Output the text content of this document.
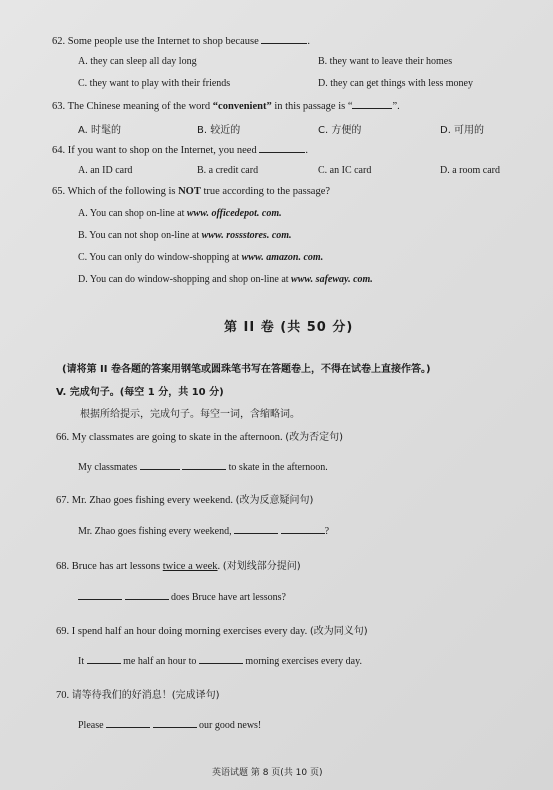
62. Some people use the Internet to shop because	.
A. they can sleep all day long	B. they want to leave their homes
C. they want to play with their friends	D. they can get things with less money
63. The Chinese meaning of the word “convenient” in this passage is “	”.
A. 时髦的	B. 较近的	C. 方便的	D. 可用的
64. If you want to shop on the Internet, you need	.
A. an ID card	B. a credit card	C. an IC card	D. a room card
65. Which of the following is NOT true according to the passage?
A. You can shop on-line at www. officedepot. com.
B. You can not shop on-line at www. rossstores. com.
C. You can only do window-shopping at www. amazon. com.
D. You can do window-shopping and shop on-line at www. safeway. com.
第 II 卷 (共 50 分)
(请将第 II 卷各题的答案用钢笔或圆珠笔书写在答题卷上，不得在试卷上直接作答。)
V. 完成句子。(每空 1 分，共 10 分)
根据所给提示，完成句子。每空一词，含缩略词。
66. My classmates are going to skate in the afternoon. (改为否定句)
My classmates	to skate in the afternoon.
67. Mr. Zhao goes fishing every weekend. (改为反意疑问句)
Mr. Zhao goes fishing every weekend,	?
68. Bruce has art lessons twice a week. (对划线部分提问)
does Bruce have art lessons?
69. I spend half an hour doing morning exercises every day. (改为同义句)
It	me half an hour to	morning exercises every day.
70. 请等待我们的好消息！(完成译句)
Please	our good news!
英语试题 第 8 页(共 10 页)
